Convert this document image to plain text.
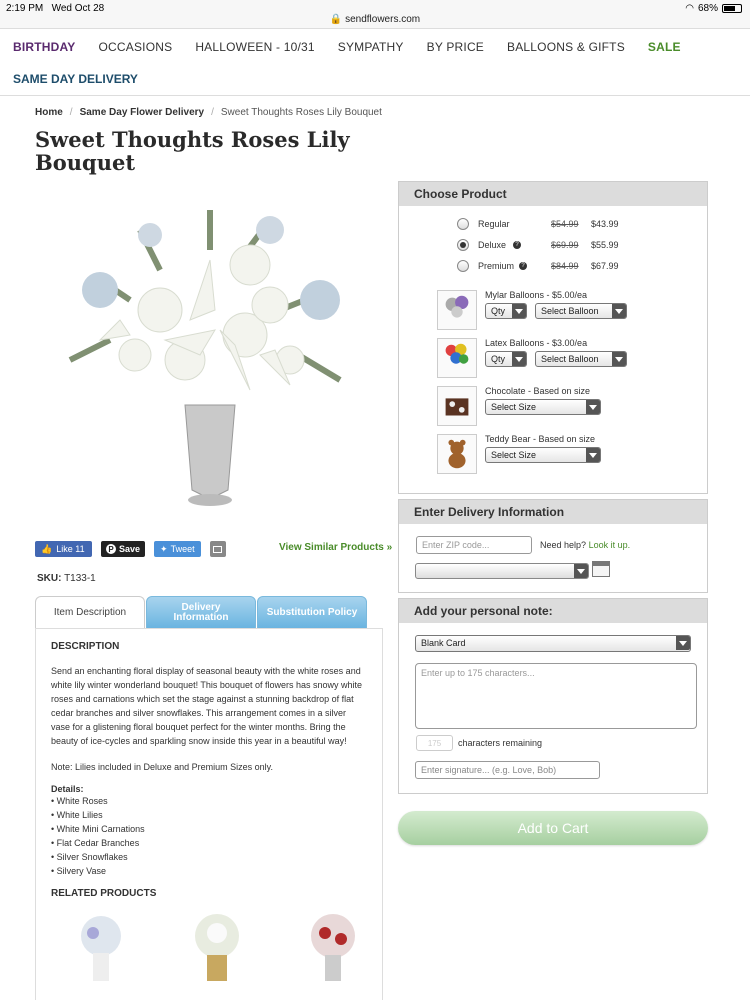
2:19 PM Wed Oct 28
🔒 sendflowers.com
◠ 68%
BIRTHDAY OCCASIONS HALLOWEEN - 10/31 SYMPATHY BY PRICE BALLOONS & GIFTS SALE
SAME DAY DELIVERY
Home / Same Day Flower Delivery / Sweet Thoughts Roses Lily Bouquet
Sweet Thoughts Roses Lily Bouquet
👍 Like 11	P Save ✦ Tweet	View Similar Products »
SKU: T133-1
Item Description	Delivery Information	Substitution Policy
DESCRIPTION

Send an enchanting floral display of seasonal beauty with the white roses and white lily winter wonderland bouquet! This bouquet of flowers has snowy white roses and carnations which set the stage against a stunning backdrop of flat cedar branches and silver snowflakes. This arrangement comes in a silver vase for a glistening floral bouquet perfect for the winter months. Bring the beauty of ice-cycles and sparkling snow inside this year in a beautiful way!

Note: Lilies included in Deluxe and Premium Sizes only.

Details:
• White Roses
• White Lilies
• White Mini Carnations
• Flat Cedar Branches
• Silver Snowflakes
• Silvery Vase
RELATED PRODUCTS
Choose Product
Regular	$54.99 $43.99
Deluxe	?	$69.99 $55.99
Premium	?	$84.99 $67.99
Mylar Balloons - $5.00/ea
Qty	Select Balloon
Latex Balloons - $3.00/ea
Qty	Select Balloon
Chocolate - Based on size
Select Size
Teddy Bear - Based on size
Select Size
Enter Delivery Information
Enter ZIP code...	Need help? Look it up.
Add your personal note:
Blank Card
Enter up to 175 characters...
175	characters remaining
Enter signature... (e.g. Love, Bob)
Add to Cart
